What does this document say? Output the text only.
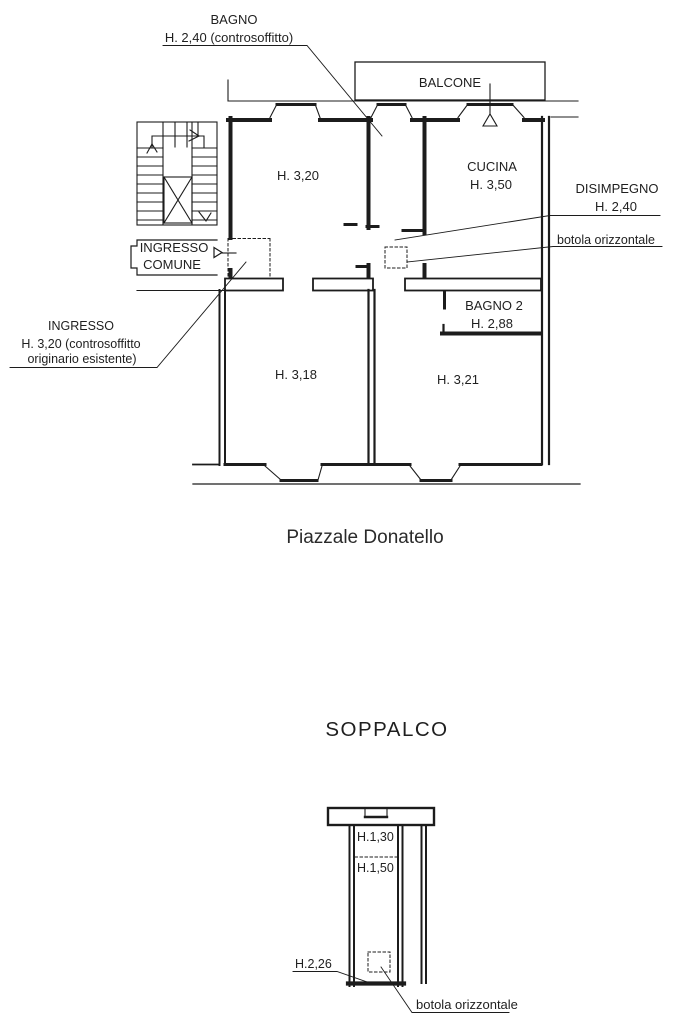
BAGNO
H. 2,40 (controsoffitto)
BALCONE
H. 3,20
CUCINA
H. 3,50	DISIMPEGNO
H. 2,40
botola orizzontale
INGRESSO
COMUNE
BAGNO 2
H. 2,88
H. 3,18	H. 3,21
INGRESSO
H. 3,20 (controsoffitto
originario esistente)
Piazzale Donatello
SOPPALCO
H.1,30
H.1,50
H.2,26
botola orizzontale
